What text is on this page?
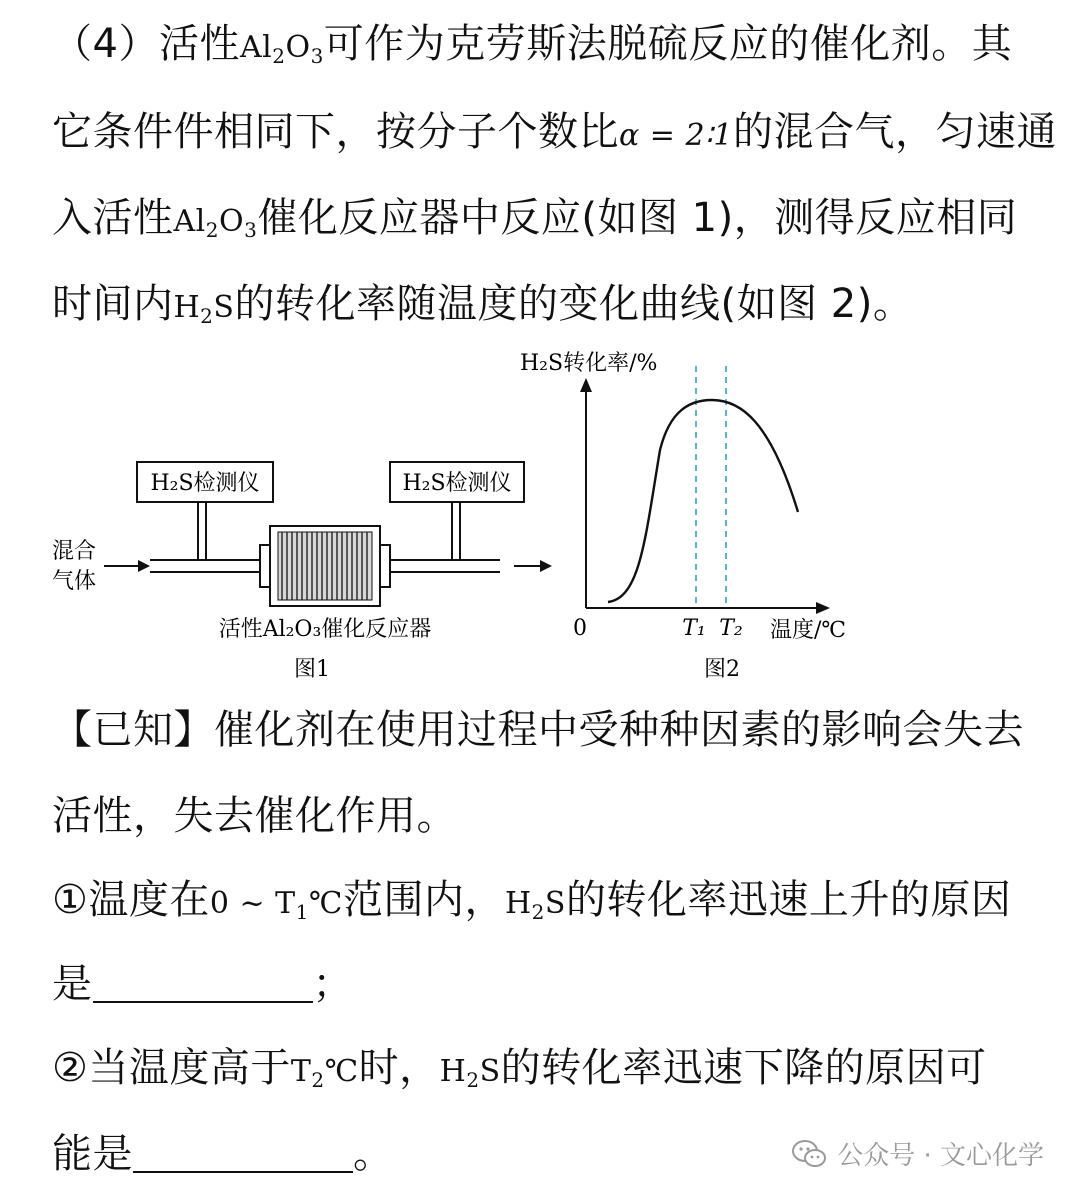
（4）活性$Al_2O_3$可作为克劳斯法脱硫反应的催化剂。其
它条件件相同下，按分子个数比α = 2∶1的混合气，匀速通
入活性$Al_2O_3$催化反应器中反应(如图 1)，测得反应相同
时间内$H_2S$的转化率随温度的变化曲线(如图 2)。
H₂S检测仪	H₂S检测仪
混合
气体
活性Al₂O₃催化反应器
图1
H₂S转化率/%
0	T₁ T₂ 温度/℃
图2
【已知】催化剂在使用过程中受种种因素的影响会失去
活性，失去催化作用。
①温度在0 ~ $T_1℃$范围内，$H_2S$的转化率迅速上升的原因
是	；
②当温度高于$T_2℃$时，$H_2S$的转化率迅速下降的原因可
能是	。	公众号 · 文心化学
